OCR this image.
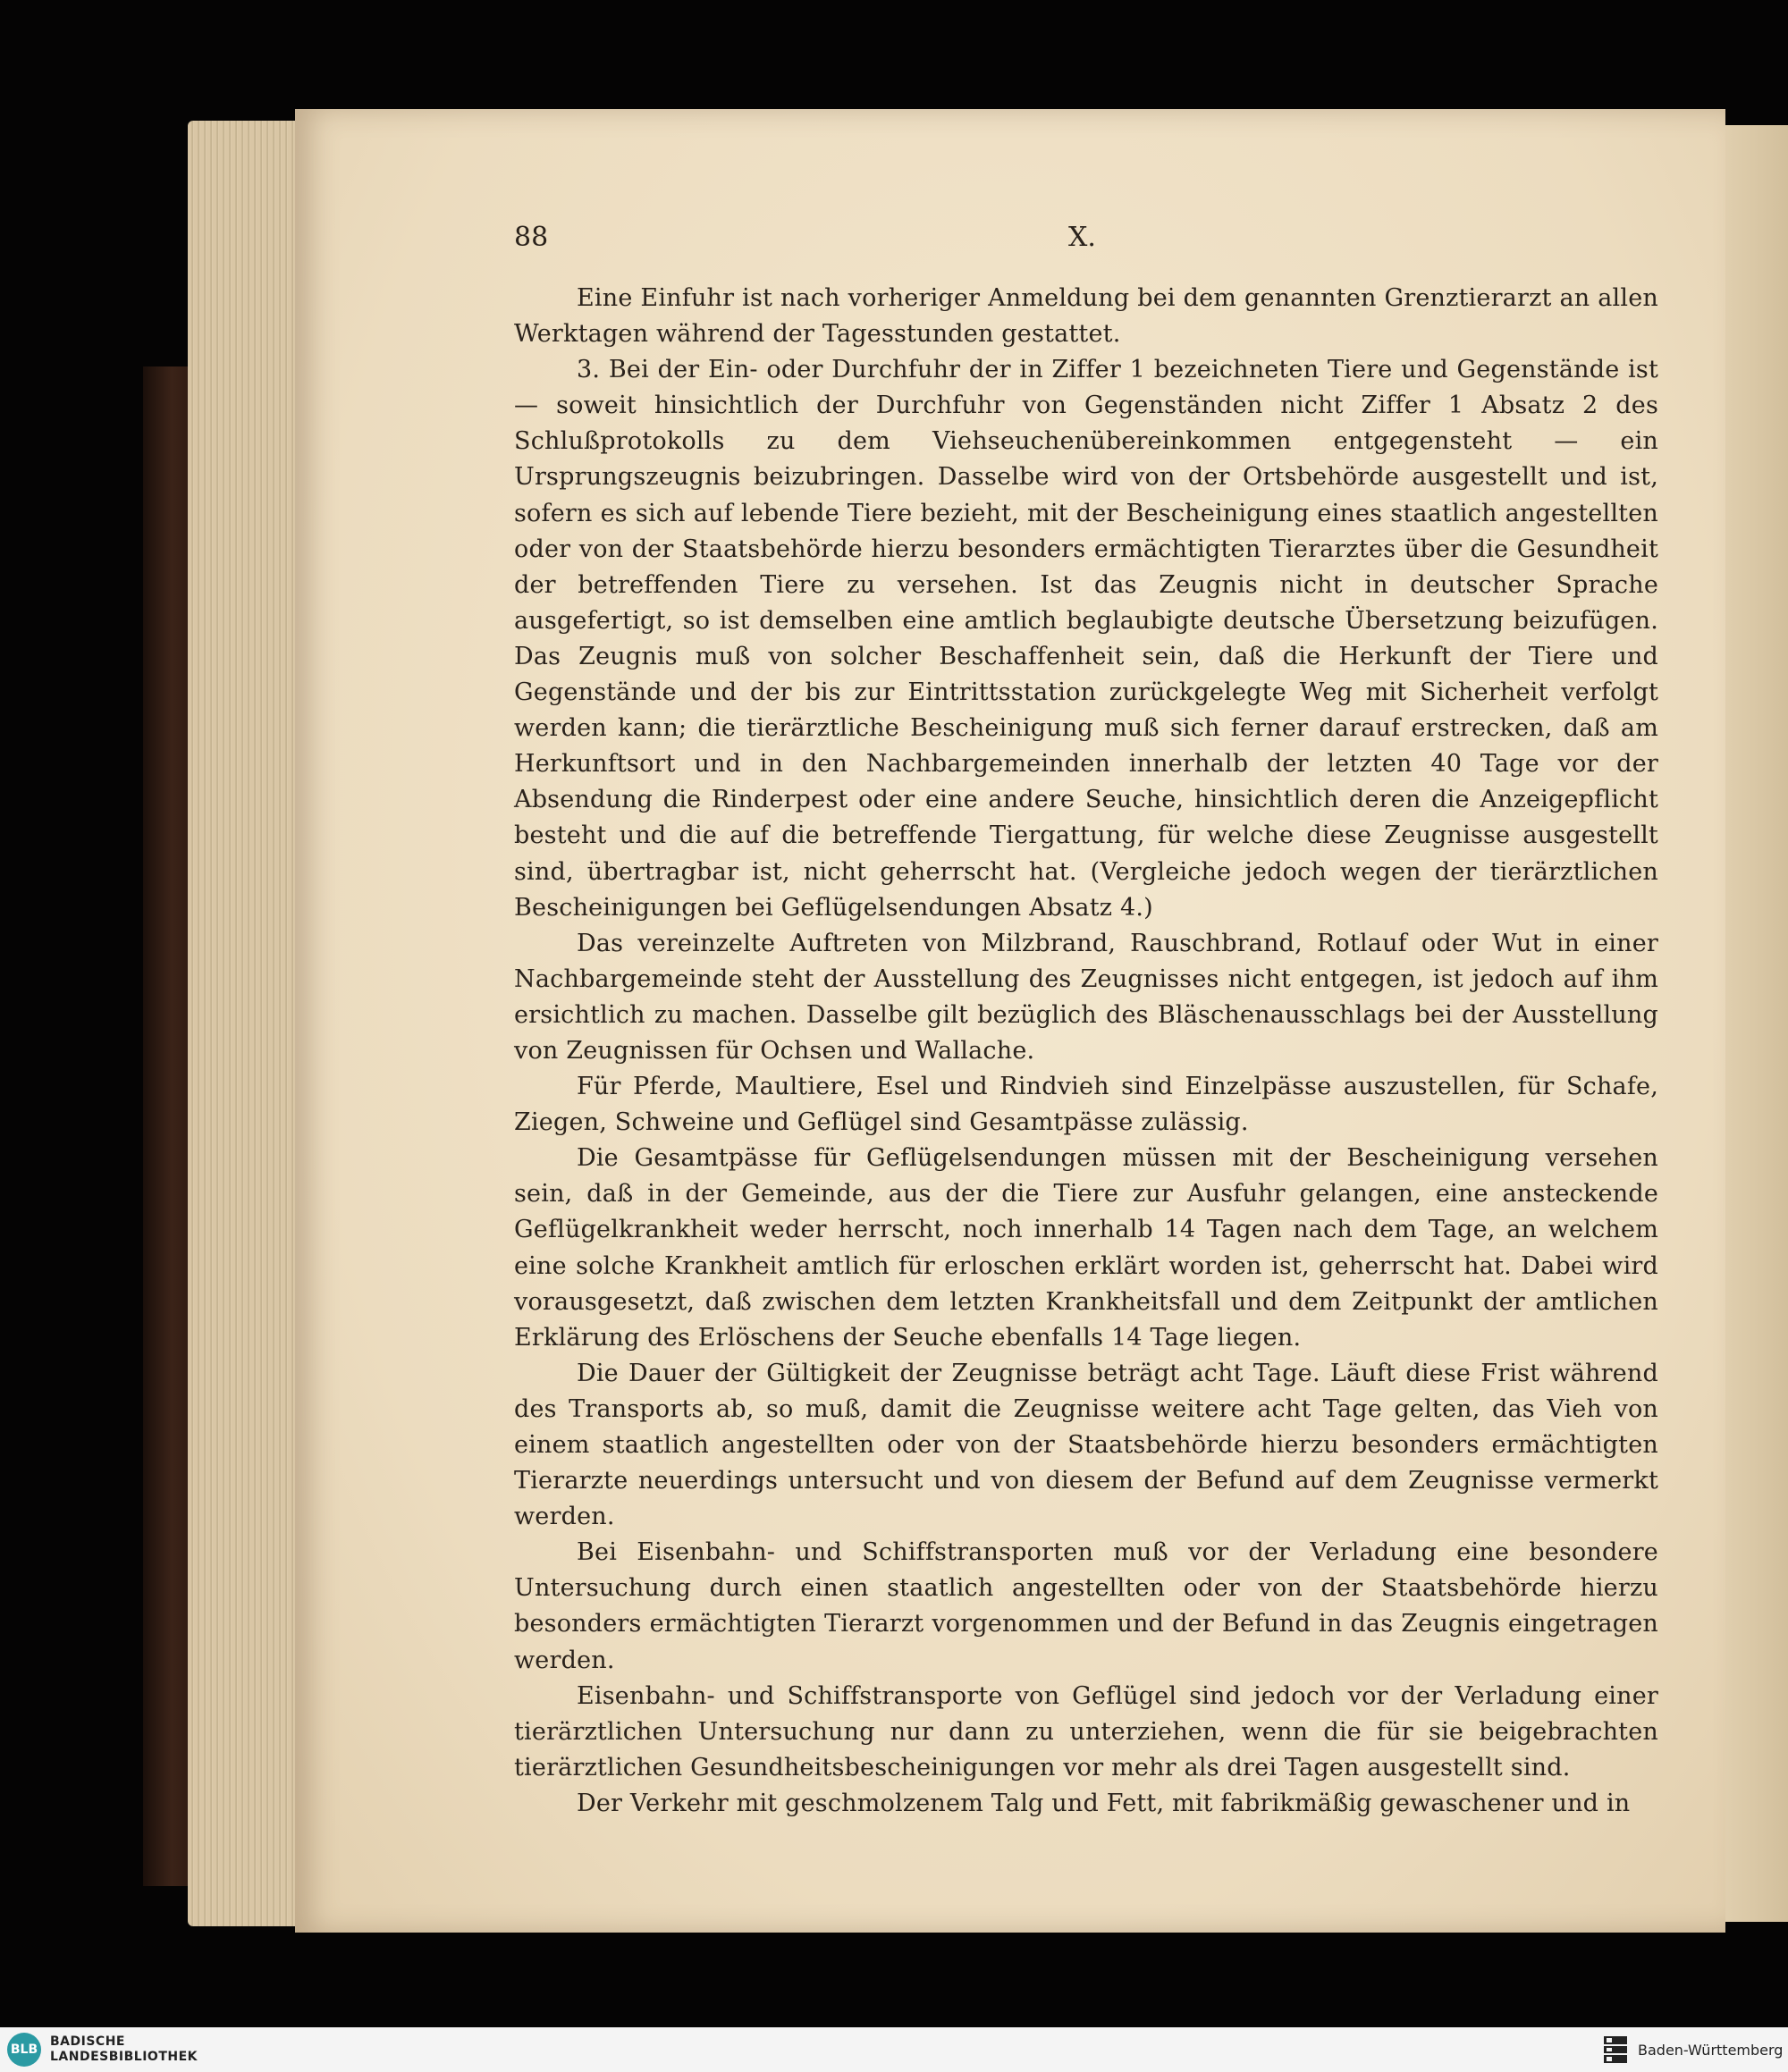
88	X.

Eine Einfuhr ist nach vorheriger Anmeldung bei dem genannten Grenztierarzt an allen Werktagen während der Tagesstunden gestattet.

3. Bei der Ein- oder Durchfuhr der in Ziffer 1 bezeichneten Tiere und Gegenstände ist — soweit hinsichtlich der Durchfuhr von Gegenständen nicht Ziffer 1 Absatz 2 des Schlußprotokolls zu dem Viehseuchenübereinkommen entgegensteht — ein Ursprungszeugnis beizubringen. Dasselbe wird von der Ortsbehörde ausgestellt und ist, sofern es sich auf lebende Tiere bezieht, mit der Bescheinigung eines staatlich angestellten oder von der Staatsbehörde hierzu besonders ermächtigten Tierarztes über die Gesundheit der betreffenden Tiere zu versehen. Ist das Zeugnis nicht in deutscher Sprache ausgefertigt, so ist demselben eine amtlich beglaubigte deutsche Übersetzung beizufügen. Das Zeugnis muß von solcher Beschaffenheit sein, daß die Herkunft der Tiere und Gegenstände und der bis zur Eintrittsstation zurückgelegte Weg mit Sicherheit verfolgt werden kann; die tierärztliche Bescheinigung muß sich ferner darauf erstrecken, daß am Herkunftsort und in den Nachbargemeinden innerhalb der letzten 40 Tage vor der Absendung die Rinderpest oder eine andere Seuche, hinsichtlich deren die Anzeigepflicht besteht und die auf die betreffende Tiergattung, für welche diese Zeugnisse ausgestellt sind, übertragbar ist, nicht geherrscht hat. (Vergleiche jedoch wegen der tierärztlichen Bescheinigungen bei Geflügelsendungen Absatz 4.)

Das vereinzelte Auftreten von Milzbrand, Rauschbrand, Rotlauf oder Wut in einer Nachbargemeinde steht der Ausstellung des Zeugnisses nicht entgegen, ist jedoch auf ihm ersichtlich zu machen. Dasselbe gilt bezüglich des Bläschenausschlags bei der Ausstellung von Zeugnissen für Ochsen und Wallache.

Für Pferde, Maultiere, Esel und Rindvieh sind Einzelpässe auszustellen, für Schafe, Ziegen, Schweine und Geflügel sind Gesamtpässe zulässig.

Die Gesamtpässe für Geflügelsendungen müssen mit der Bescheinigung versehen sein, daß in der Gemeinde, aus der die Tiere zur Ausfuhr gelangen, eine ansteckende Geflügelkrankheit weder herrscht, noch innerhalb 14 Tagen nach dem Tage, an welchem eine solche Krankheit amtlich für erloschen erklärt worden ist, geherrscht hat. Dabei wird vorausgesetzt, daß zwischen dem letzten Krankheitsfall und dem Zeitpunkt der amtlichen Erklärung des Erlöschens der Seuche ebenfalls 14 Tage liegen.

Die Dauer der Gültigkeit der Zeugnisse beträgt acht Tage. Läuft diese Frist während des Transports ab, so muß, damit die Zeugnisse weitere acht Tage gelten, das Vieh von einem staatlich angestellten oder von der Staatsbehörde hierzu besonders ermächtigten Tierarzte neuerdings untersucht und von diesem der Befund auf dem Zeugnisse vermerkt werden.

Bei Eisenbahn- und Schiffstransporten muß vor der Verladung eine besondere Untersuchung durch einen staatlich angestellten oder von der Staatsbehörde hierzu besonders ermächtigten Tierarzt vorgenommen und der Befund in das Zeugnis eingetragen werden.

Eisenbahn- und Schiffstransporte von Geflügel sind jedoch vor der Verladung einer tierärztlichen Untersuchung nur dann zu unterziehen, wenn die für sie beigebrachten tierärztlichen Gesundheitsbescheinigungen vor mehr als drei Tagen ausgestellt sind.

Der Verkehr mit geschmolzenem Talg und Fett, mit fabrikmäßig gewaschener und in

BLB
BADISCHE
LANDESBIBLIOTHEK	Baden-Württemberg
